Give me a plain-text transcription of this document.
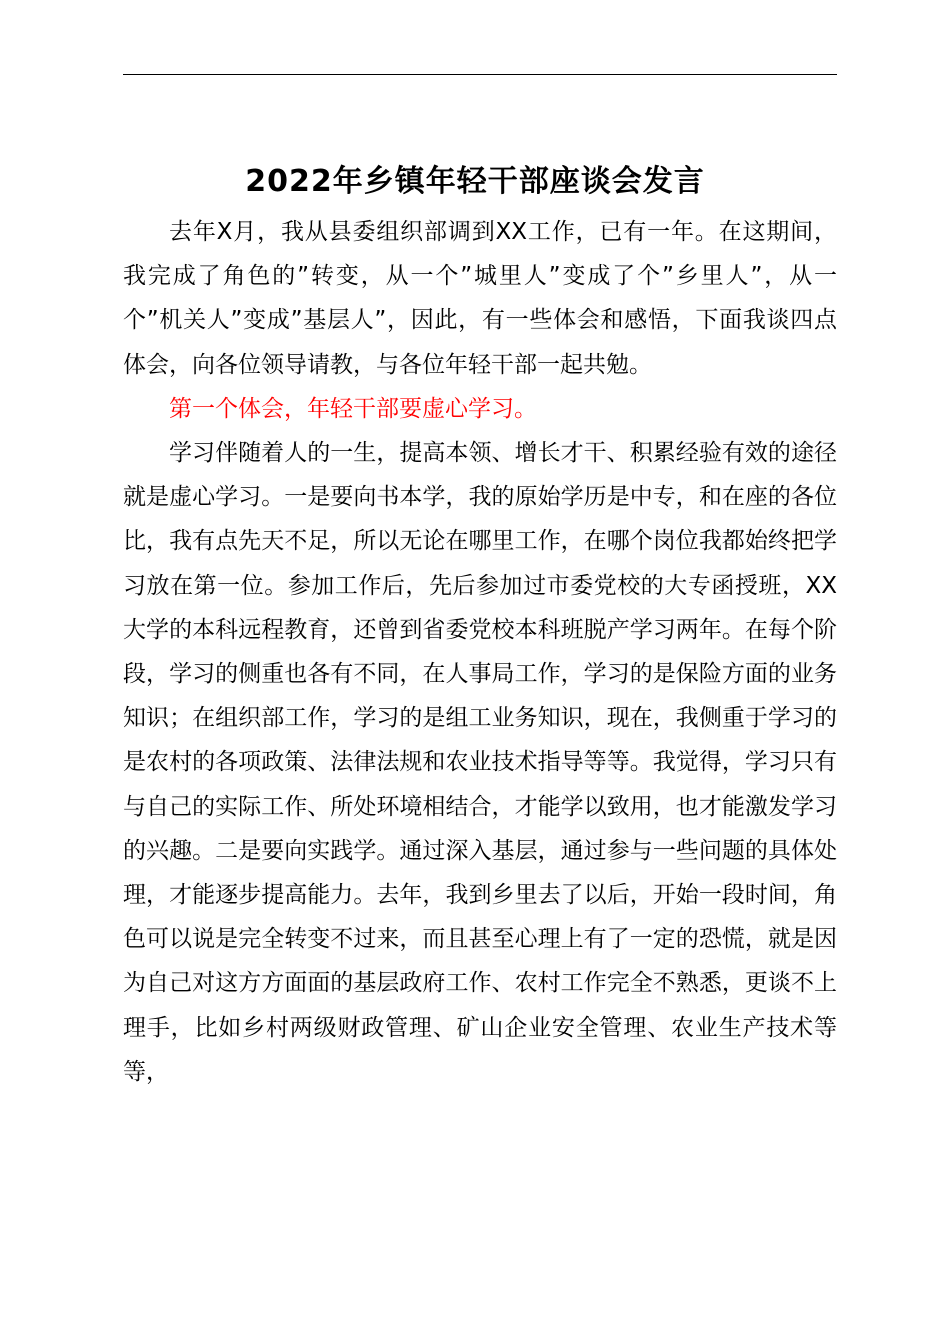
2022年乡镇年轻干部座谈会发言

去年X月，我从县委组织部调到XX工作，已有一年。在这期间，我完成了角色的”转变，从一个”城里人”变成了个”乡里人”，从一个”机关人”变成”基层人”，因此，有一些体会和感悟，下面我谈四点体会，向各位领导请教，与各位年轻干部一起共勉。

第一个体会，年轻干部要虚心学习。

学习伴随着人的一生，提高本领、增长才干、积累经验有效的途径就是虚心学习。一是要向书本学，我的原始学历是中专，和在座的各位比，我有点先天不足，所以无论在哪里工作，在哪个岗位我都始终把学习放在第一位。参加工作后，先后参加过市委党校的大专函授班，XX大学的本科远程教育，还曾到省委党校本科班脱产学习两年。在每个阶段，学习的侧重也各有不同，在人事局工作，学习的是保险方面的业务知识；在组织部工作，学习的是组工业务知识，现在，我侧重于学习的是农村的各项政策、法律法规和农业技术指导等等。我觉得，学习只有与自己的实际工作、所处环境相结合，才能学以致用，也才能激发学习的兴趣。二是要向实践学。通过深入基层，通过参与一些问题的具体处理，才能逐步提高能力。去年，我到乡里去了以后，开始一段时间，角色可以说是完全转变不过来，而且甚至心理上有了一定的恐慌，就是因为自己对这方方面面的基层政府工作、农村工作完全不熟悉，更谈不上理手，比如乡村两级财政管理、矿山企业安全管理、农业生产技术等等，
